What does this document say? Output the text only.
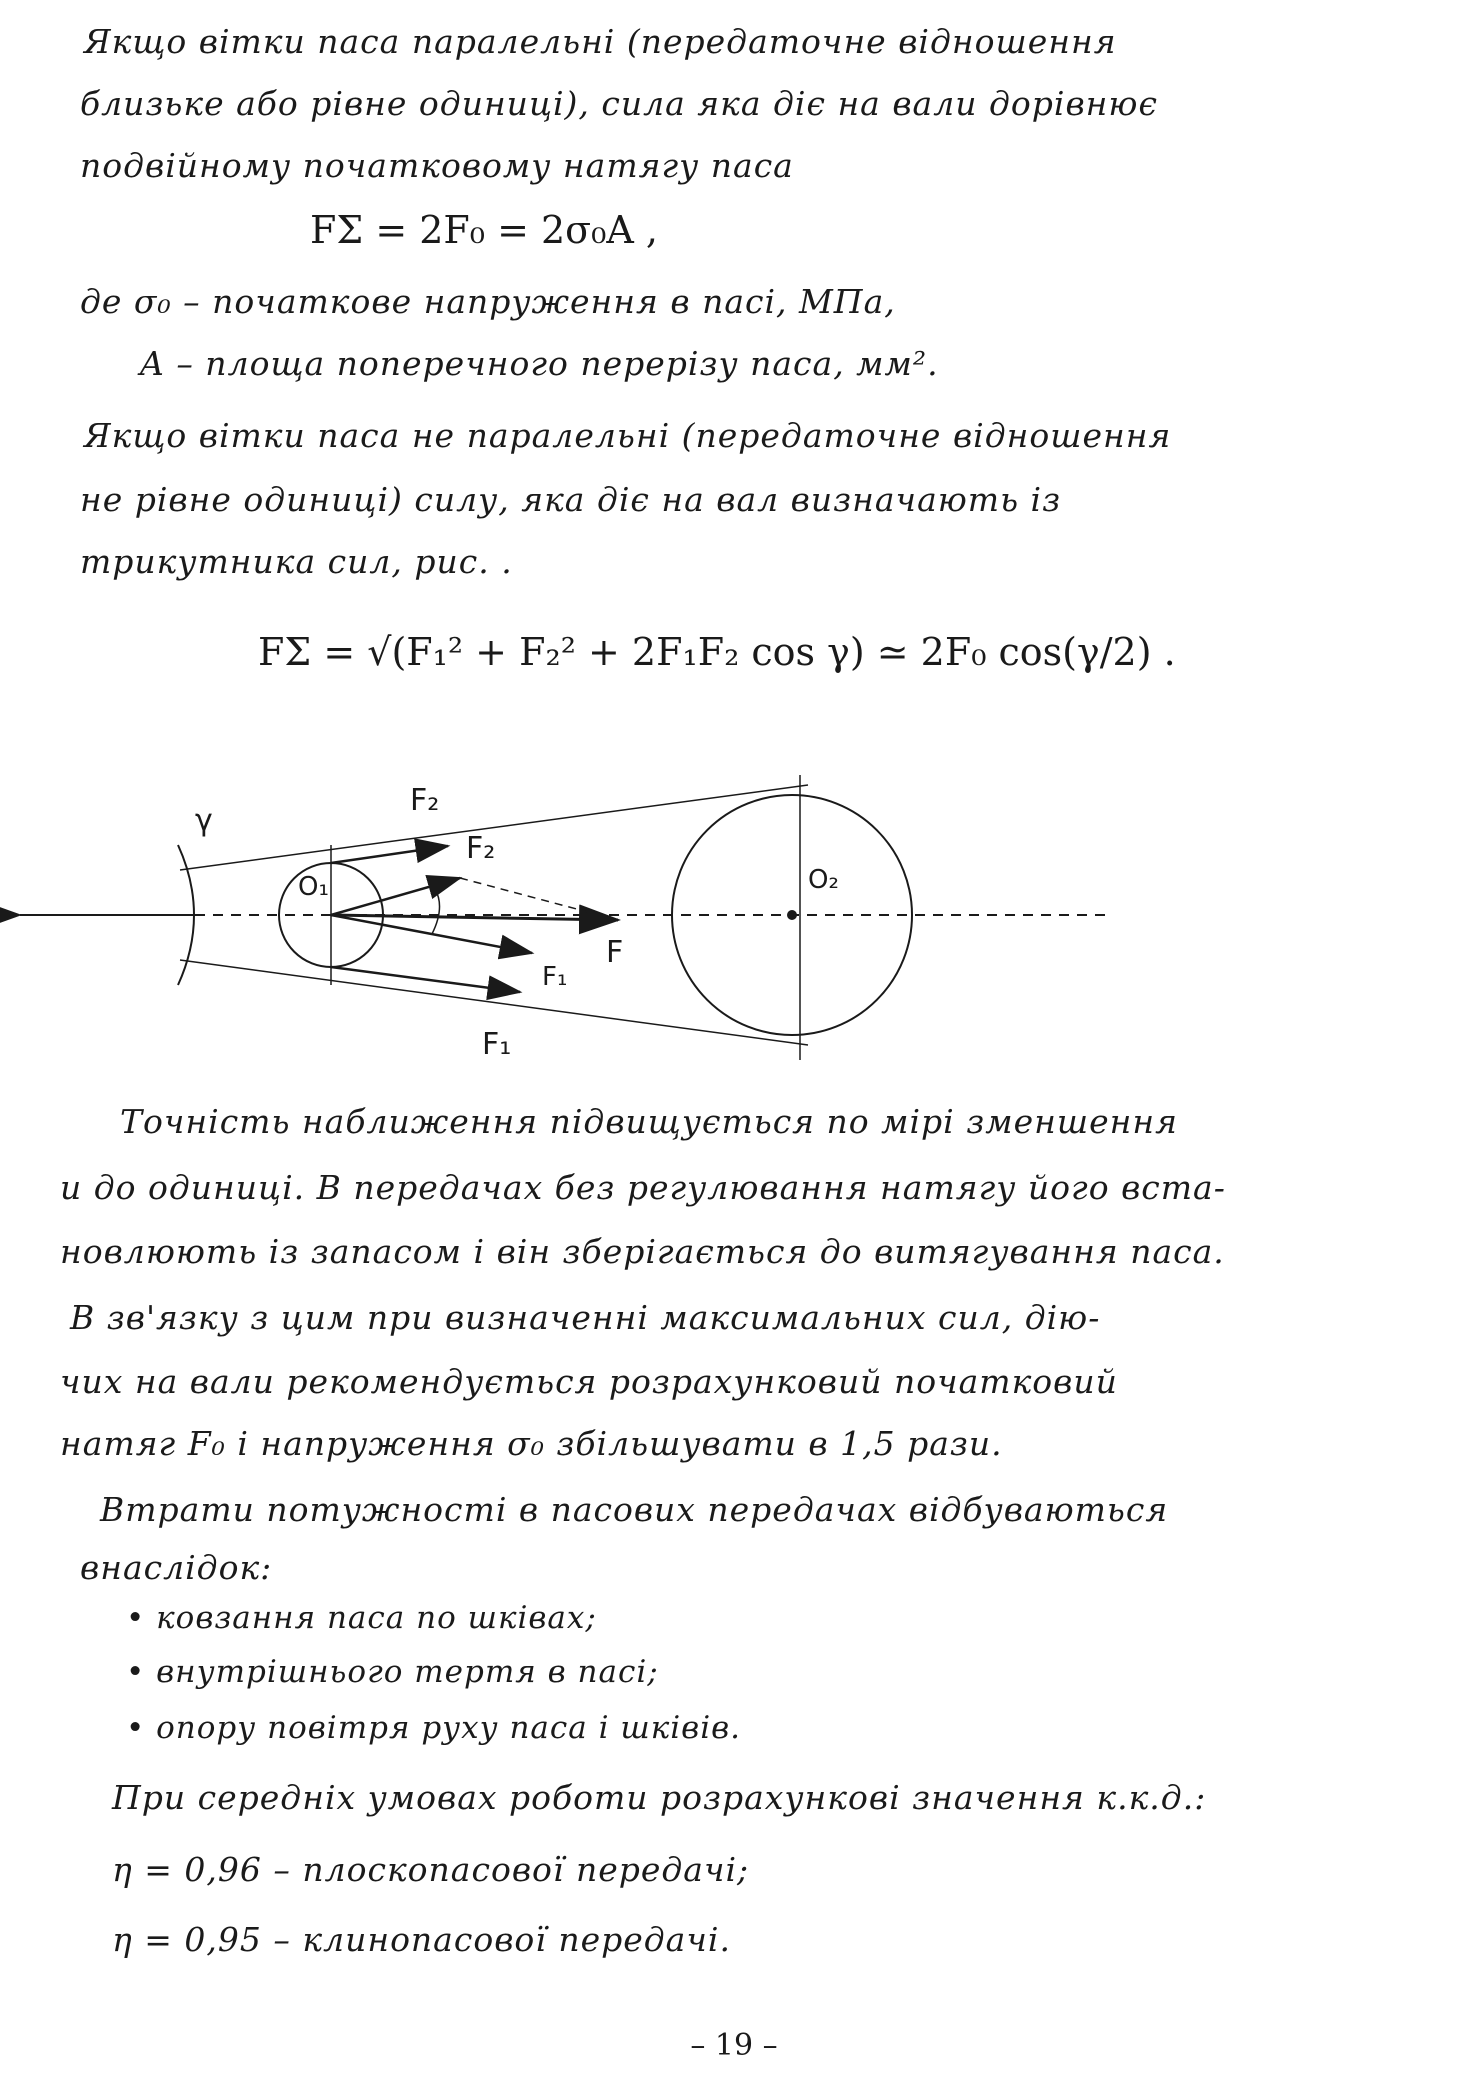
Якщо вітки паса паралельні (передаточне відношення
близьке або рівне одиниці), сила яка діє на вали дорівнює
подвійному початковому натягу паса
FΣ = 2F₀ = 2σ₀A ,
де σ₀ – початкове напруження в пасі, МПа,
A – площа поперечного перерізу паса, мм².
Якщо вітки паса не паралельні (передаточне відношення
не рівне одиниці) силу, яка діє на вал визначають із
трикутника сил, рис. .
FΣ = √(F₁² + F₂² + 2F₁F₂ cos γ) ≃ 2F₀ cos(γ/2) .
γ
F₂
F₂
O₁	O₂
F
F₁
F₁
Точність наближення підвищується по мірі зменшення
u до одиниці. В передачах без регулювання натягу його вста-
новлюють із запасом і він зберігається до витягування паса.
В зв'язку з цим при визначенні максимальних сил, дію-
чих на вали рекомендується розрахунковий початковий
натяг F₀ і напруження σ₀ збільшувати в 1,5 рази.
Втрати потужності в пасових передачах відбуваються
внаслідок:
• ковзання паса по шківах;
• внутрішнього тертя в пасі;
• опору повітря руху паса і шківів.
При середніх умовах роботи розрахункові значення к.к.д.:
η = 0,96 – плоскопасової передачі;
η = 0,95 – клинопасової передачі.
– 19 –
